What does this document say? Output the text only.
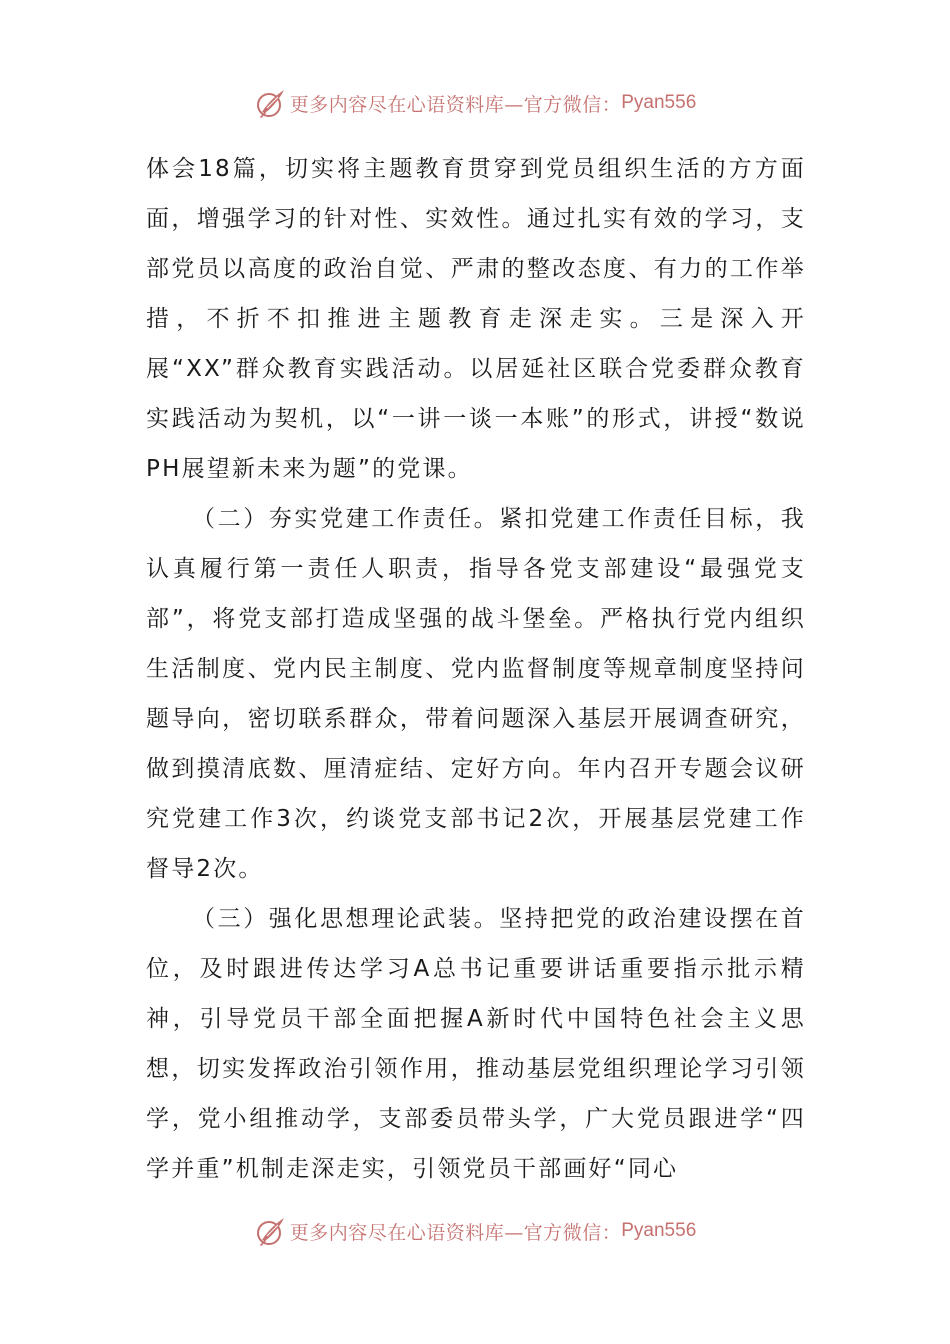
更多内容尽在心语资料库—官方微信： Pyan556

体会18篇，切实将主题教育贯穿到党员组织生活的方方面面，增强学习的针对性、实效性。通过扎实有效的学习，支部党员以高度的政治自觉、严肃的整改态度、有力的工作举措，不折不扣推进主题教育走深走实。三是深入开展“XX”群众教育实践活动。以居延社区联合党委群众教育实践活动为契机，以“一讲一谈一本账”的形式，讲授“数说PH展望新未来为题”的党课。

（二）夯实党建工作责任。紧扣党建工作责任目标，我认真履行第一责任人职责，指导各党支部建设“最强党支部”，将党支部打造成坚强的战斗堡垒。严格执行党内组织生活制度、党内民主制度、党内监督制度等规章制度坚持问题导向，密切联系群众，带着问题深入基层开展调查研究，做到摸清底数、厘清症结、定好方向。年内召开专题会议研究党建工作3次，约谈党支部书记2次，开展基层党建工作督导2次。

（三）强化思想理论武装。坚持把党的政治建设摆在首位，及时跟进传达学习A总书记重要讲话重要指示批示精神，引导党员干部全面把握A新时代中国特色社会主义思想，切实发挥政治引领作用，推动基层党组织理论学习引领学，党小组推动学，支部委员带头学，广大党员跟进学“四学并重”机制走深走实，引领党员干部画好“同心

更多内容尽在心语资料库—官方微信： Pyan556
